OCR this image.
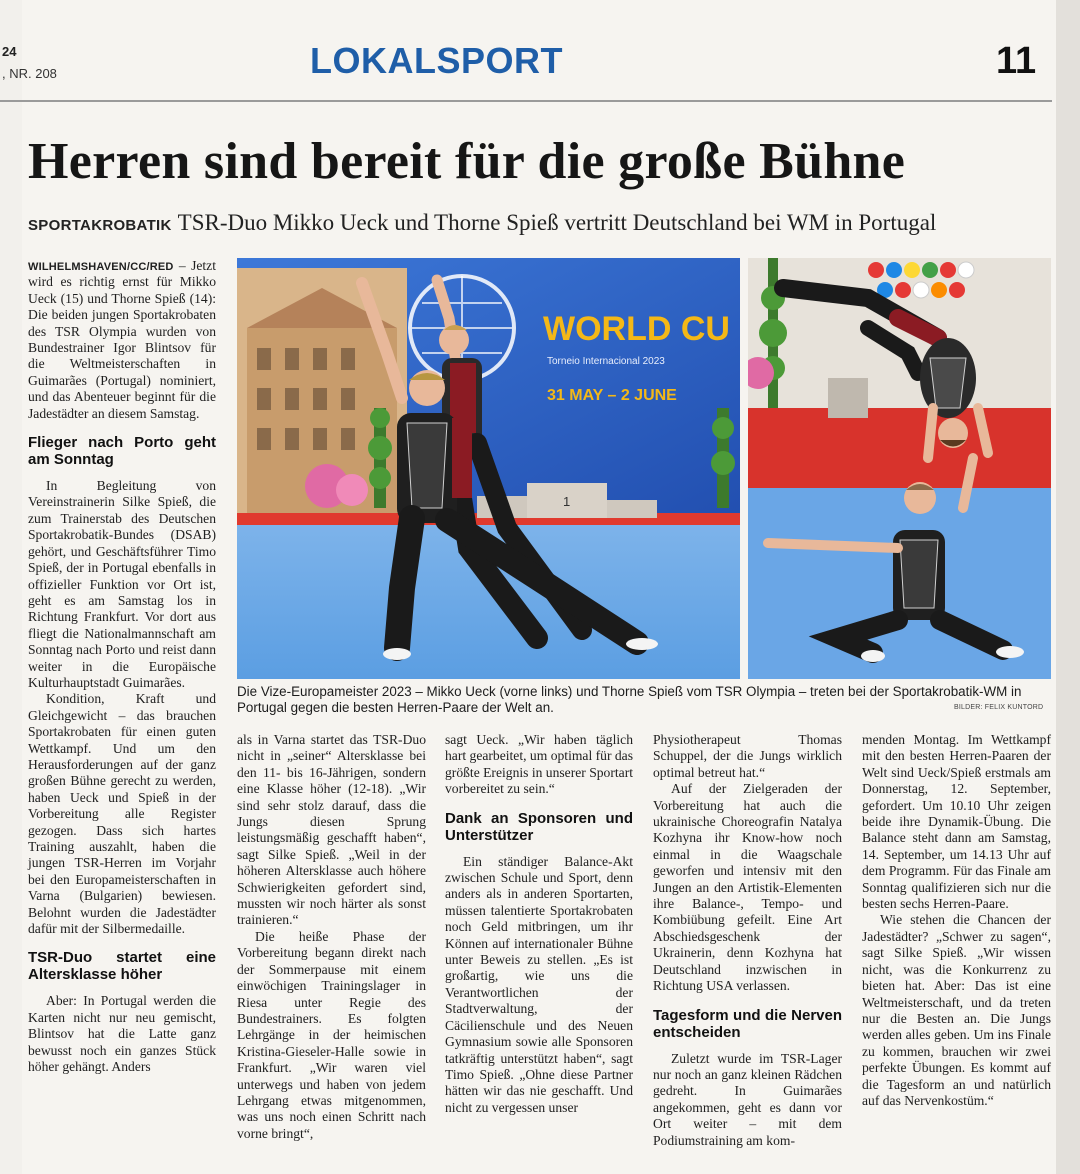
24
, NR. 208	LOKALSPORT	11
Herren sind bereit für die große Bühne
SPORTAKROBATIK TSR-Duo Mikko Ueck und Thorne Spieß vertritt Deutschland bei WM in Portugal

WILHELMSHAVEN/CC/RED – Jetzt wird es richtig ernst für Mikko Ueck (15) und Thorne Spieß (14): Die beiden jungen Sportakrobaten des TSR Olympia wurden von Bundestrainer Igor Blintsov für die Weltmeisterschaften in Guimarães (Portugal) nominiert, und das Abenteuer beginnt für die Jadestädter an diesem Samstag.

Flieger nach Porto geht am Sonntag

In Begleitung von Vereinstrainerin Silke Spieß, die zum Trainerstab des Deutschen Sportakrobatik-Bundes (DSAB) gehört, und Geschäftsführer Timo Spieß, der in Portugal ebenfalls in offizieller Funktion vor Ort ist, geht es am Samstag los in Richtung Frankfurt. Vor dort aus fliegt die Nationalmannschaft am Sonntag nach Porto und reist dann weiter in die Europäische Kulturhauptstadt Guimarães.

Kondition, Kraft und Gleichgewicht – das brauchen Sportakrobaten für einen guten Wettkampf. Und um den Herausforderungen auf der ganz großen Bühne gerecht zu werden, haben Ueck und Spieß in der Vorbereitung alle Register gezogen. Dass sich hartes Training auszahlt, haben die jungen TSR-Herren im Vorjahr bei den Europameisterschaften in Varna (Bulgarien) bewiesen. Belohnt wurden die Jadestädter dafür mit der Silbermedaille.

TSR-Duo startet eine Altersklasse höher

Aber: In Portugal werden die Karten nicht nur neu gemischt, Blintsov hat die Latte ganz bewusst noch ein ganzes Stück höher gehängt. Anders

WORLD CU
Torneio Internacional 2023
31 MAY – 2 JUNE
1
Die Vize-Europameister 2023 – Mikko Ueck (vorne links) und Thorne Spieß vom TSR Olympia – treten bei der Sportakrobatik-WM in Portugal gegen die besten Herren-Paare der Welt an.	BILDER: FELIX KUNTORD

als in Varna startet das TSR-Duo nicht in „seiner“ Altersklasse bei den 11- bis 16-Jährigen, sondern eine Klasse höher (12-18). „Wir sind sehr stolz darauf, dass die Jungs diesen Sprung leistungsmäßig geschafft haben“, sagt Silke Spieß. „Weil in der höheren Altersklasse auch höhere Schwierigkeiten gefordert sind, mussten wir noch härter als sonst trainieren.“

Die heiße Phase der Vorbereitung begann direkt nach der Sommerpause mit einem einwöchigen Trainingslager in Riesa unter Regie des Bundestrainers. Es folgten Lehrgänge in der heimischen Kristina-Gieseler-Halle sowie in Frankfurt. „Wir waren viel unterwegs und haben von jedem Lehrgang etwas mitgenommen, was uns noch einen Schritt nach vorne bringt“,

sagt Ueck. „Wir haben täglich hart gearbeitet, um optimal für das größte Ereignis in unserer Sportart vorbereitet zu sein.“

Dank an Sponsoren und Unterstützer

Ein ständiger Balance-Akt zwischen Schule und Sport, denn anders als in anderen Sportarten, müssen talentierte Sportakrobaten noch Geld mitbringen, um ihr Können auf internationaler Bühne unter Beweis zu stellen. „Es ist großartig, wie uns die Verantwortlichen der Stadtverwaltung, der Cäcilienschule und des Neuen Gymnasium sowie alle Sponsoren tatkräftig unterstützt haben“, sagt Timo Spieß. „Ohne diese Partner hätten wir das nie geschafft. Und nicht zu vergessen unser

Physiotherapeut Thomas Schuppel, der die Jungs wirklich optimal betreut hat.“

Auf der Zielgeraden der Vorbereitung hat auch die ukrainische Choreografin Natalya Kozhyna ihr Know-how noch einmal in die Waagschale geworfen und intensiv mit den Jungen an den Artistik-Elementen ihre Balance-, Tempo- und Kombiübung gefeilt. Eine Art Abschiedsgeschenk der Ukrainerin, denn Kozhyna hat Deutschland inzwischen in Richtung USA verlassen.

Tagesform und die Nerven entscheiden

Zuletzt wurde im TSR-Lager nur noch an ganz kleinen Rädchen gedreht. In Guimarães angekommen, geht es dann vor Ort weiter – mit dem Podiumstraining am kom-

menden Montag. Im Wettkampf mit den besten Herren-Paaren der Welt sind Ueck/Spieß erstmals am Donnerstag, 12. September, gefordert. Um 10.10 Uhr zeigen beide ihre Dynamik-Übung. Die Balance steht dann am Samstag, 14. September, um 14.13 Uhr auf dem Programm. Für das Finale am Sonntag qualifizieren sich nur die besten sechs Herren-Paare.

Wie stehen die Chancen der Jadestädter? „Schwer zu sagen“, sagt Silke Spieß. „Wir wissen nicht, was die Konkurrenz zu bieten hat. Aber: Das ist eine Weltmeisterschaft, und da treten nur die Besten an. Die Jungs werden alles geben. Um ins Finale zu kommen, brauchen wir zwei perfekte Übungen. Es kommt auf die Tagesform an und natürlich auf das Nervenkostüm.“
